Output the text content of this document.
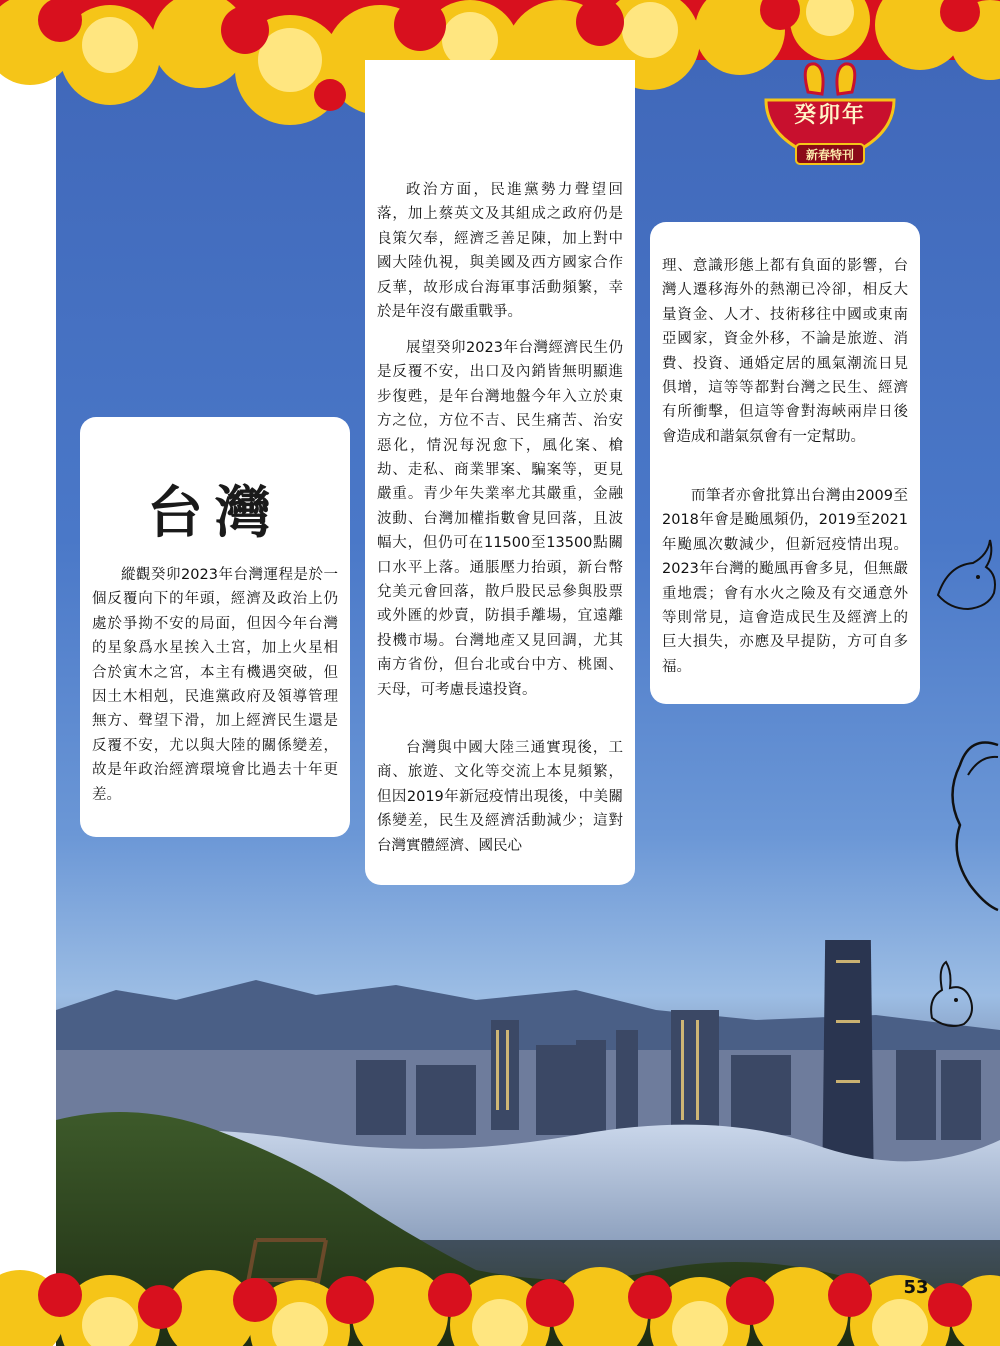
癸卯年
新春特刊
台灣

縱觀癸卯2023年台灣運程是於一個反覆向下的年頭，經濟及政治上仍處於爭拗不安的局面，但因今年台灣的星象爲水星挨入土宮，加上火星相合於寅木之宮，本主有機遇突破，但因土木相剋，民進黨政府及領導管理無方、聲望下滑，加上經濟民生還是反覆不安，尤以與大陸的關係變差，故是年政治經濟環境會比過去十年更差。

政治方面，民進黨勢力聲望回落，加上蔡英文及其組成之政府仍是良策欠奉，經濟乏善足陳，加上對中國大陸仇視，與美國及西方國家合作反華，故形成台海軍事活動頻繁，幸於是年沒有嚴重戰爭。

展望癸卯2023年台灣經濟民生仍是反覆不安，出口及內銷皆無明顯進步復甦，是年台灣地盤今年入立於東方之位，方位不吉、民生痛苦、治安惡化，情況每況愈下，風化案、槍劫、走私、商業罪案、騙案等，更見嚴重。青少年失業率尤其嚴重，金融波動、台灣加權指數會見回落，且波幅大，但仍可在11500至13500點關口水平上落。通脹壓力抬頭，新台幣兌美元會回落，散戶股民忌參與股票或外匯的炒賣，防損手離場，宜遠離投機市場。台灣地產又見回調，尤其南方省份，但台北或台中方、桃園、天母，可考慮長遠投資。

台灣與中國大陸三通實現後，工商、旅遊、文化等交流上本見頻繁，但因2019年新冠疫情出現後，中美關係變差，民生及經濟活動減少；這對台灣實體經濟、國民心

理、意識形態上都有負面的影響，台灣人遷移海外的熱潮已冷卻，相反大量資金、人才、技術移往中國或東南亞國家，資金外移，不論是旅遊、消費、投資、通婚定居的風氣潮流日見俱增，這等等都對台灣之民生、經濟有所衝擊，但這等會對海峽兩岸日後會造成和諧氣氛會有一定幫助。

而筆者亦會批算出台灣由2009至2018年會是颱風頻仍，2019至2021年颱風次數減少，但新冠疫情出現。2023年台灣的颱風再會多見，但無嚴重地震；會有水火之險及有交通意外等則常見，這會造成民生及經濟上的巨大損失，亦應及早提防，方可自多福。

53
